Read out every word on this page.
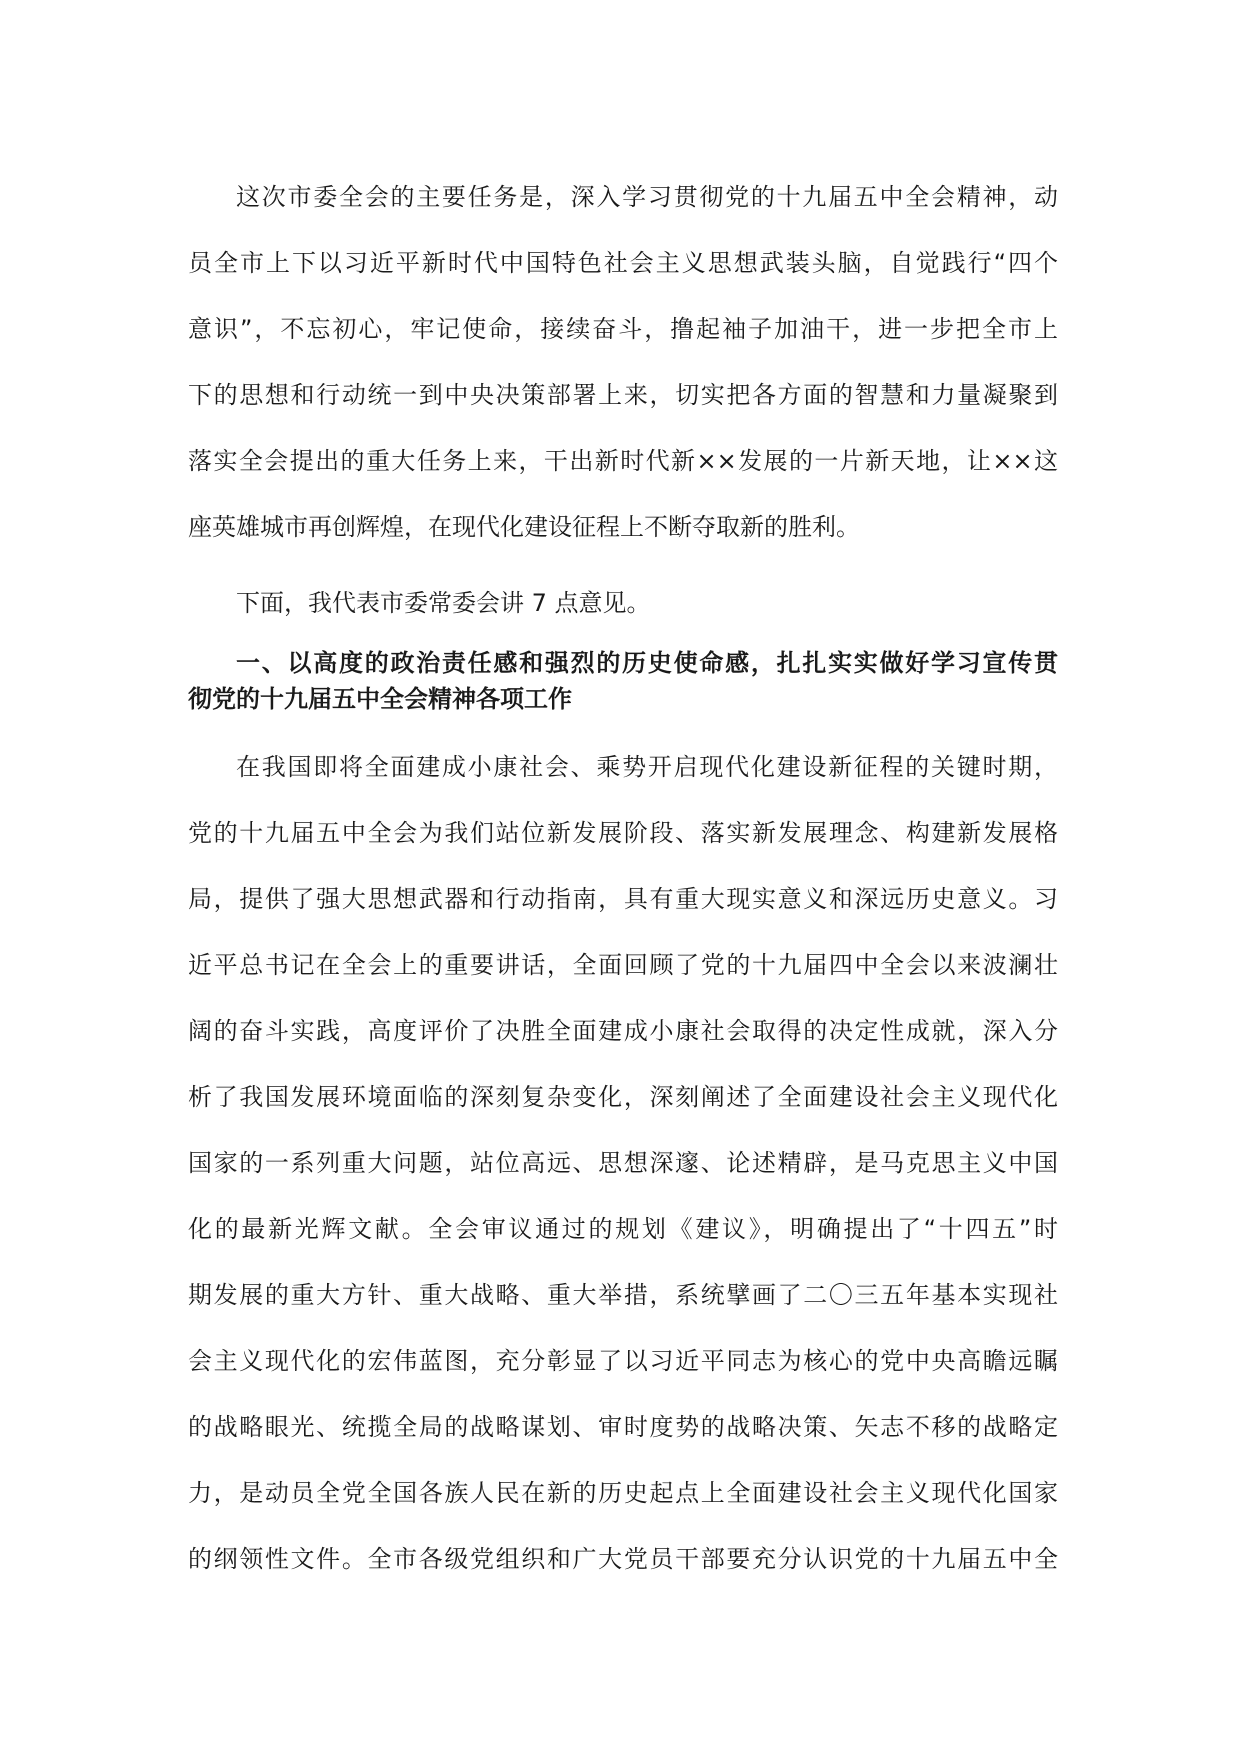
这次市委全会的主要任务是，深入学习贯彻党的十九届五中全会精神，动
员全市上下以习近平新时代中国特色社会主义思想武装头脑，自觉践行“四个
意识”，不忘初心，牢记使命，接续奋斗，撸起袖子加油干，进一步把全市上
下的思想和行动统一到中央决策部署上来，切实把各方面的智慧和力量凝聚到
落实全会提出的重大任务上来，干出新时代新××发展的一片新天地，让××这
座英雄城市再创辉煌，在现代化建设征程上不断夺取新的胜利。
下面，我代表市委常委会讲 7 点意见。
一、以高度的政治责任感和强烈的历史使命感，扎扎实实做好学习宣传贯
彻党的十九届五中全会精神各项工作
在我国即将全面建成小康社会、乘势开启现代化建设新征程的关键时期，
党的十九届五中全会为我们站位新发展阶段、落实新发展理念、构建新发展格
局，提供了强大思想武器和行动指南，具有重大现实意义和深远历史意义。习
近平总书记在全会上的重要讲话，全面回顾了党的十九届四中全会以来波澜壮
阔的奋斗实践，高度评价了决胜全面建成小康社会取得的决定性成就，深入分
析了我国发展环境面临的深刻复杂变化，深刻阐述了全面建设社会主义现代化
国家的一系列重大问题，站位高远、思想深邃、论述精辟，是马克思主义中国
化的最新光辉文献。全会审议通过的规划《建议》，明确提出了“十四五”时
期发展的重大方针、重大战略、重大举措，系统擘画了二〇三五年基本实现社
会主义现代化的宏伟蓝图，充分彰显了以习近平同志为核心的党中央高瞻远瞩
的战略眼光、统揽全局的战略谋划、审时度势的战略决策、矢志不移的战略定
力，是动员全党全国各族人民在新的历史起点上全面建设社会主义现代化国家
的纲领性文件。全市各级党组织和广大党员干部要充分认识党的十九届五中全
